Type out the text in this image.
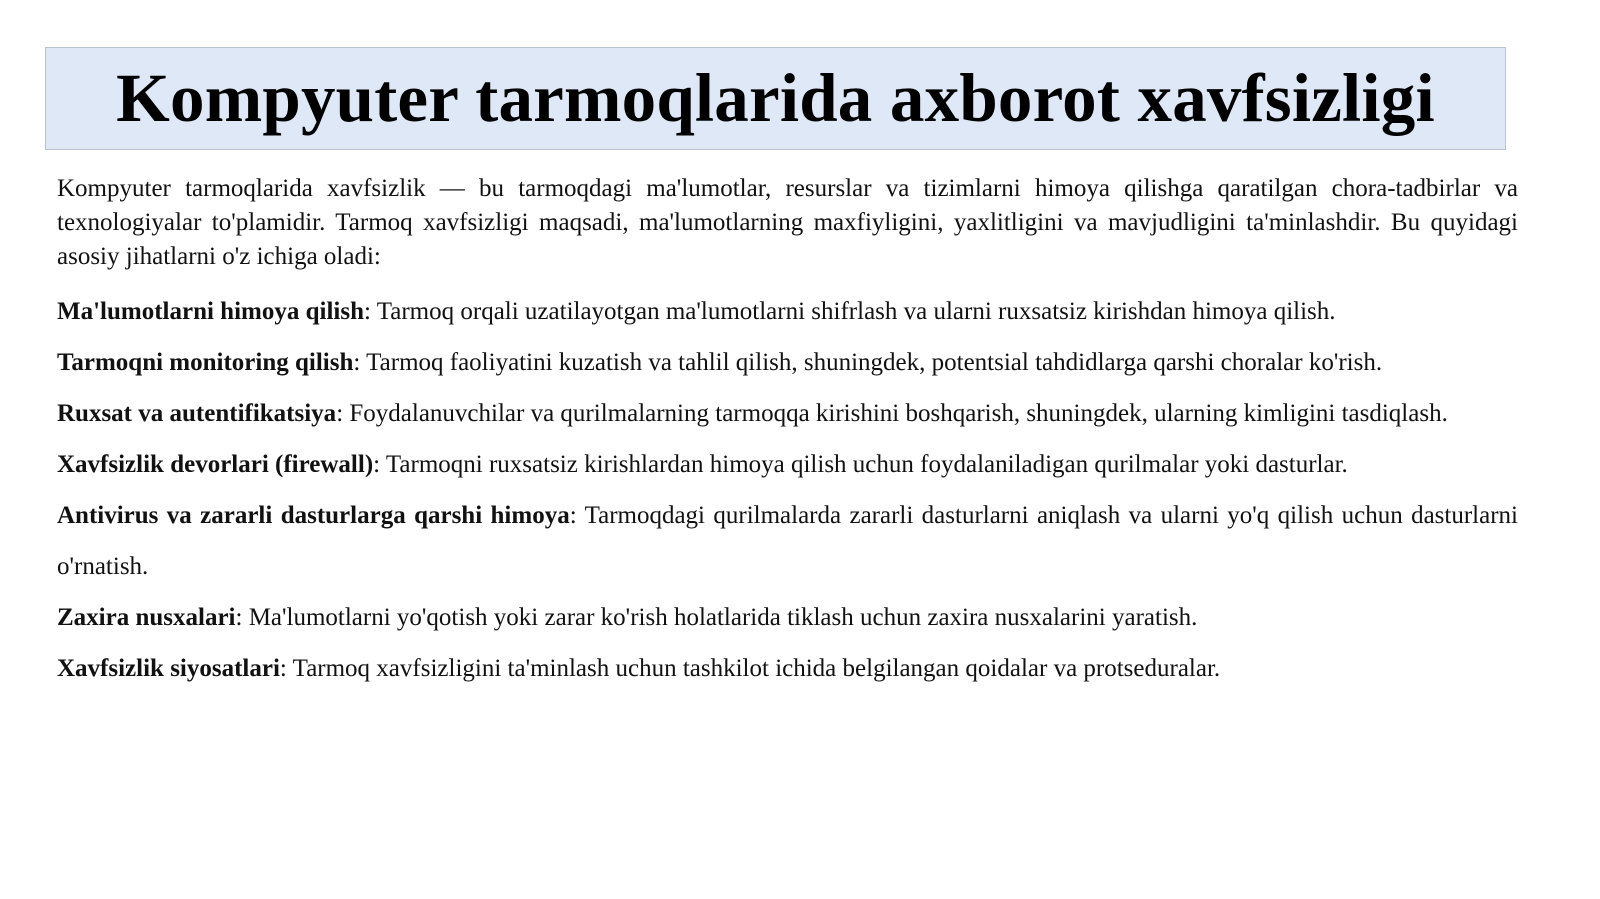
Kompyuter tarmoqlarida axborot xavfsizligi

Kompyuter tarmoqlarida xavfsizlik — bu tarmoqdagi ma'lumotlar, resurslar va tizimlarni himoya qilishga qaratilgan chora-tadbirlar va texnologiyalar to'plamidir. Tarmoq xavfsizligi maqsadi, ma'lumotlarning maxfiyligini, yaxlitligini va mavjudligini ta'minlashdir. Bu quyidagi asosiy jihatlarni o'z ichiga oladi:

Ma'lumotlarni himoya qilish: Tarmoq orqali uzatilayotgan ma'lumotlarni shifrlash va ularni ruxsatsiz kirishdan himoya qilish.

Tarmoqni monitoring qilish: Tarmoq faoliyatini kuzatish va tahlil qilish, shuningdek, potentsial tahdidlarga qarshi choralar ko'rish.

Ruxsat va autentifikatsiya: Foydalanuvchilar va qurilmalarning tarmoqqa kirishini boshqarish, shuningdek, ularning kimligini tasdiqlash.

Xavfsizlik devorlari (firewall): Tarmoqni ruxsatsiz kirishlardan himoya qilish uchun foydalaniladigan qurilmalar yoki dasturlar.

Antivirus va zararli dasturlarga qarshi himoya: Tarmoqdagi qurilmalarda zararli dasturlarni aniqlash va ularni yo'q qilish uchun dasturlarni o'rnatish.

Zaxira nusxalari: Ma'lumotlarni yo'qotish yoki zarar ko'rish holatlarida tiklash uchun zaxira nusxalarini yaratish.

Xavfsizlik siyosatlari: Tarmoq xavfsizligini ta'minlash uchun tashkilot ichida belgilangan qoidalar va protseduralar.
